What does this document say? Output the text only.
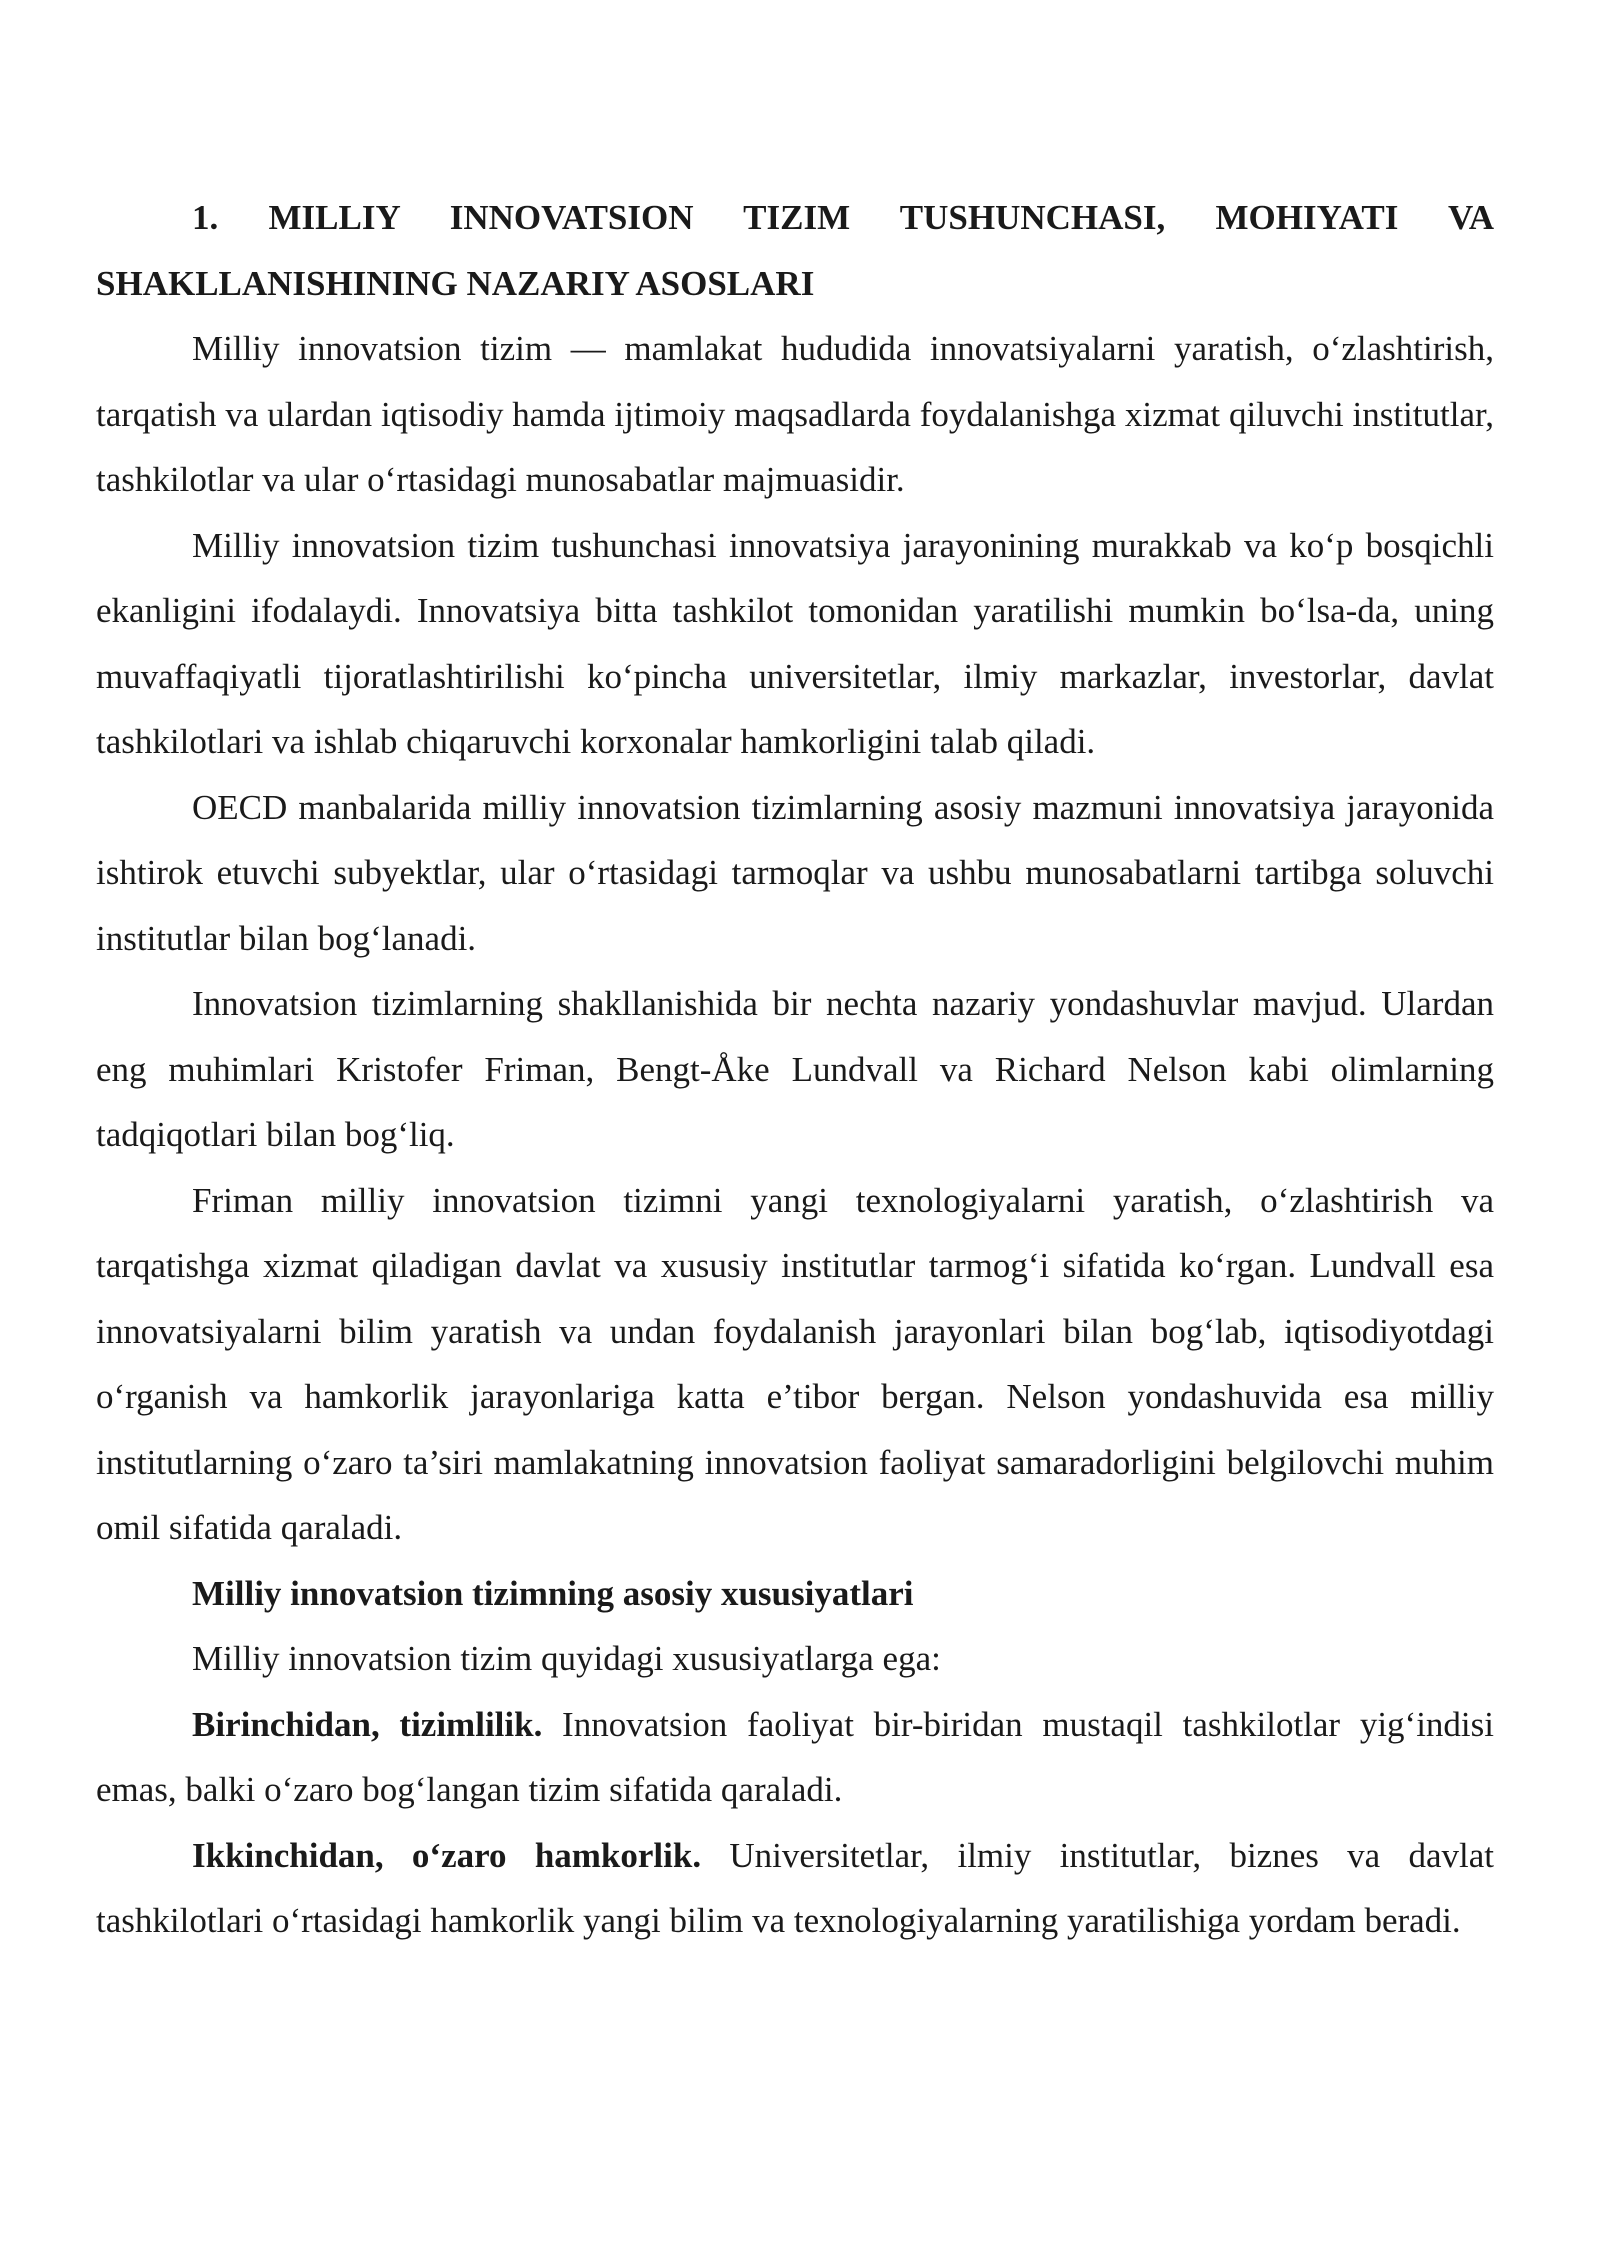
1. MILLIY INNOVATSION TIZIM TUSHUNCHASI, MOHIYATI VA SHAKLLANISHINING NAZARIY ASOSLARI

Milliy innovatsion tizim — mamlakat hududida innovatsiyalarni yaratish, o‘zlashtirish, tarqatish va ulardan iqtisodiy hamda ijtimoiy maqsadlarda foydalanishga xizmat qiluvchi institutlar, tashkilotlar va ular o‘rtasidagi munosabatlar majmuasidir.

Milliy innovatsion tizim tushunchasi innovatsiya jarayonining murakkab va ko‘p bosqichli ekanligini ifodalaydi. Innovatsiya bitta tashkilot tomonidan yaratilishi mumkin bo‘lsa-da, uning muvaffaqiyatli tijoratlashtirilishi ko‘pincha universitetlar, ilmiy markazlar, investorlar, davlat tashkilotlari va ishlab chiqaruvchi korxonalar hamkorligini talab qiladi.

OECD manbalarida milliy innovatsion tizimlarning asosiy mazmuni innovatsiya jarayonida ishtirok etuvchi subyektlar, ular o‘rtasidagi tarmoqlar va ushbu munosabatlarni tartibga soluvchi institutlar bilan bog‘lanadi.

Innovatsion tizimlarning shakllanishida bir nechta nazariy yondashuvlar mavjud. Ulardan eng muhimlari Kristofer Friman, Bengt-Åke Lundvall va Richard Nelson kabi olimlarning tadqiqotlari bilan bog‘liq.

Friman milliy innovatsion tizimni yangi texnologiyalarni yaratish, o‘zlashtirish va tarqatishga xizmat qiladigan davlat va xususiy institutlar tarmog‘i sifatida ko‘rgan. Lundvall esa innovatsiyalarni bilim yaratish va undan foydalanish jarayonlari bilan bog‘lab, iqtisodiyotdagi o‘rganish va hamkorlik jarayonlariga katta e’tibor bergan. Nelson yondashuvida esa milliy institutlarning o‘zaro ta’siri mamlakatning innovatsion faoliyat samaradorligini belgilovchi muhim omil sifatida qaraladi.

Milliy innovatsion tizimning asosiy xususiyatlari

Milliy innovatsion tizim quyidagi xususiyatlarga ega:

Birinchidan, tizimlilik. Innovatsion faoliyat bir-biridan mustaqil tashkilotlar yig‘indisi emas, balki o‘zaro bog‘langan tizim sifatida qaraladi.

Ikkinchidan, o‘zaro hamkorlik. Universitetlar, ilmiy institutlar, biznes va davlat tashkilotlari o‘rtasidagi hamkorlik yangi bilim va texnologiyalarning yaratilishiga yordam beradi.
